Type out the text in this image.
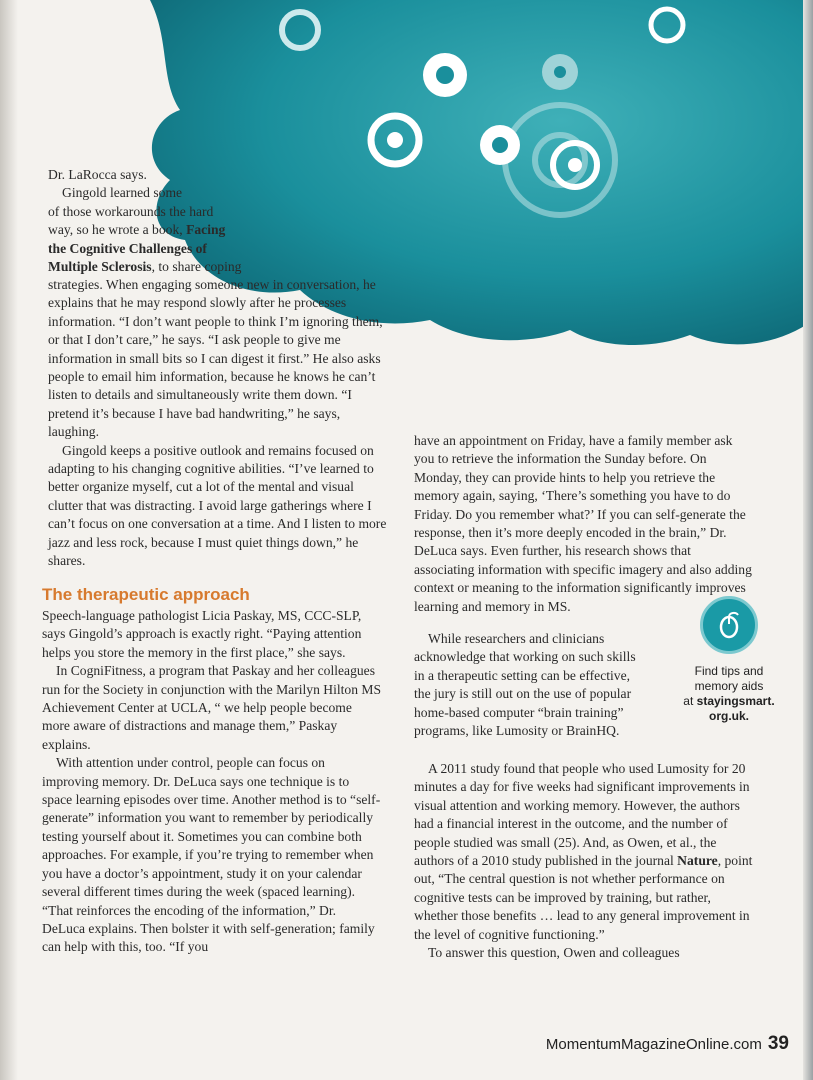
Dr. LaRocca says.
Gingold learned some
of those workarounds the hard
way, so he wrote a book, Facing
the Cognitive Challenges of
Multiple Sclerosis, to share coping

strategies. When engaging someone new in conversation, he explains that he may respond slowly after he processes information. “I don’t want people to think I’m ignoring them, or that I don’t care,” he says. “I ask people to give me information in small bits so I can digest it first.” He also asks people to email him information, because he knows he can’t listen to details and simultaneously write them down. “I pretend it’s because I have bad handwriting,” he says, laughing.

Gingold keeps a positive outlook and remains focused on adapting to his changing cognitive abilities. “I’ve learned to better organize myself, cut a lot of the mental and visual clutter that was distracting. I avoid large gatherings where I can’t focus on one conversation at a time. And I listen to more jazz and less rock, because I must quiet things down,” he shares.

The therapeutic approach

Speech-language pathologist Licia Paskay, MS, CCC-SLP, says Gingold’s approach is exactly right. “Paying attention helps you store the memory in the first place,” she says.

In CogniFitness, a program that Paskay and her colleagues run for the Society in conjunction with the Marilyn Hilton MS Achievement Center at UCLA, “ we help people become more aware of distractions and manage them,” Paskay explains.

With attention under control, people can focus on improving memory. Dr. DeLuca says one technique is to space learning episodes over time. Another method is to “self-generate” information you want to remember by periodically testing yourself about it. Sometimes you can combine both approaches. For example, if you’re trying to remember when you have a doctor’s appointment, study it on your calendar several different times during the week (spaced learning). “That reinforces the encoding of the information,” Dr. DeLuca explains. Then bolster it with self-generation; family can help with this, too. “If you

have an appointment on Friday, have a family member ask you to retrieve the information the Sunday before. On Monday, they can provide hints to help you retrieve the memory again, saying, ‘There’s something you have to do Friday. Do you remember what?’ If you can self-generate the response, then it’s more deeply encoded in the brain,” Dr. DeLuca says. Even further, his research shows that associating information with specific imagery and also adding context or meaning to the information significantly improves learning and memory in MS.

While researchers and clinicians acknowledge that working on such skills in a therapeutic setting can be effective, the jury is still out on the use of popular home-based computer “brain training” programs, like Lumosity or BrainHQ.

A 2011 study found that people who used Lumosity for 20 minutes a day for five weeks had significant improvements in visual attention and working memory. However, the authors had a financial interest in the outcome, and the number of people studied was small (25). And, as Owen, et al., the authors of a 2010 study published in the journal Nature, point out, “The central question is not whether performance on cognitive tests can be improved by training, but rather, whether those benefits … lead to any general improvement in the level of cognitive functioning.”

To answer this question, Owen and colleagues

Find tips and
memory aids
at stayingsmart.
org.uk.
MomentumMagazineOnline.com 39
